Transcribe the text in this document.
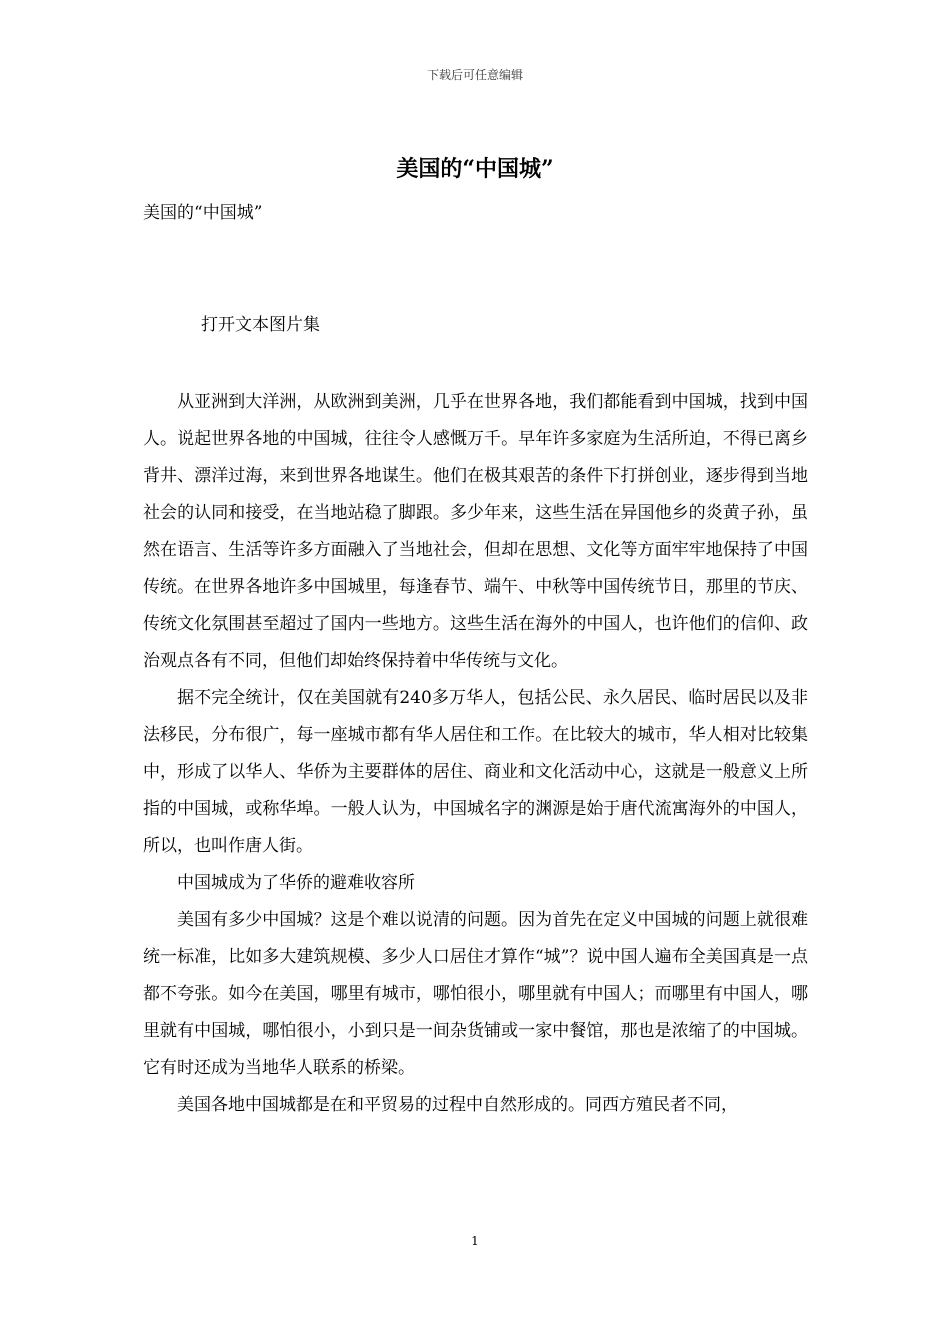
下载后可任意编辑
美国的“中国城”
美国的“中国城”
打开文本图片集

从亚洲到大洋洲，从欧洲到美洲，几乎在世界各地，我们都能看到中国城，找到中国人。说起世界各地的中国城，往往令人感慨万千。早年许多家庭为生活所迫，不得已离乡背井、漂洋过海，来到世界各地谋生。他们在极其艰苦的条件下打拼创业，逐步得到当地社会的认同和接受，在当地站稳了脚跟。多少年来，这些生活在异国他乡的炎黄子孙，虽然在语言、生活等许多方面融入了当地社会，但却在思想、文化等方面牢牢地保持了中国传统。在世界各地许多中国城里，每逢春节、端午、中秋等中国传统节日，那里的节庆、传统文化氛围甚至超过了国内一些地方。这些生活在海外的中国人，也许他们的信仰、政治观点各有不同，但他们却始终保持着中华传统与文化。

据不完全统计，仅在美国就有240多万华人，包括公民、永久居民、临时居民以及非法移民，分布很广，每一座城市都有华人居住和工作。在比较大的城市，华人相对比较集中，形成了以华人、华侨为主要群体的居住、商业和文化活动中心，这就是一般意义上所指的中国城，或称华埠。一般人认为，中国城名字的渊源是始于唐代流寓海外的中国人，所以，也叫作唐人街。

中国城成为了华侨的避难收容所

美国有多少中国城？这是个难以说清的问题。因为首先在定义中国城的问题上就很难统一标准，比如多大建筑规模、多少人口居住才算作“城”？说中国人遍布全美国真是一点都不夸张。如今在美国，哪里有城市，哪怕很小，哪里就有中国人；而哪里有中国人，哪里就有中国城，哪怕很小，小到只是一间杂货铺或一家中餐馆，那也是浓缩了的中国城。它有时还成为当地华人联系的桥梁。

美国各地中国城都是在和平贸易的过程中自然形成的。同西方殖民者不同，

1
